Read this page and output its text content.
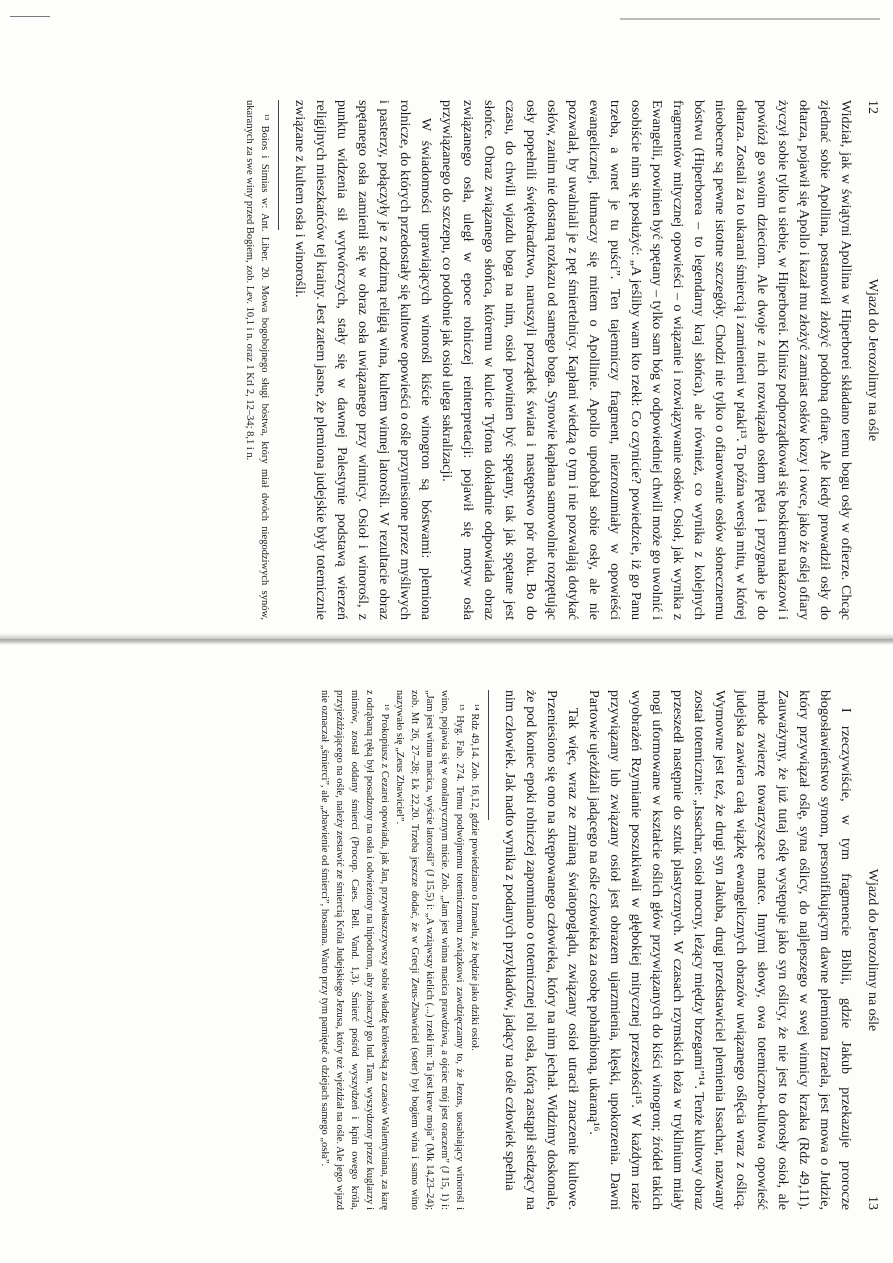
12
Wjazd do Jerozolimy na ośle

Widział, jak w świątyni Apollina w Hiperborei składano temu bogu osły w ofierze. Chcąc zjednać sobie Apollina, postanowił złożyć podobną ofiarę. Ale kiedy prowadził osły do ołtarza, pojawił się Apollo i kazał mu złożyć zamiast osłów kozy i owce, jako że oślej ofiary życzył sobie tylko u siebie, w Hiperborei. Klinisz podporządkował się boskiemu nakazowi i powiózł go swoim dzieciom. Ale dwoje z nich rozwiązało osłom pęta i przygnało je do ołtarza. Zostali za to ukarani śmiercią i zamienieni w ptaki¹³. To późna wersja mitu, w której nieobecne są pewne istotne szczegóły. Chodzi nie tylko o ofiarowanie osłów słonecznemu bóstwu (Hiperborea – to legendarny kraj słońca), ale również, co wynika z kolejnych fragmentów mitycznej opowieści – o wiązanie i rozwiązywanie osłów. Osioł, jak wynika z Ewangelii, powinien być spętany – tylko sam bóg w odpowiedniej chwili może go uwolnić i osobiście nim się posłużyć: „A jeśliby wam kto rzekł: Co czynicie? powiedzcie, iż go Panu trzeba, a wnet je tu puści”. Ten tajemniczy fragment, niezrozumiały w opowieści ewangelicznej, tłumaczy się mitem o Apollinie. Apollo upodobał sobie osły, ale nie pozwalał, by uwalniali je z pęt śmiertelnicy. Kapłani wiedzą o tym i nie pozwalają dotykać osłów, zanim nie dostaną rozkazu od samego boga. Synowie kapłana samowolnie rozpętując osły popełnili świętokradztwo, naruszyli porządek świata i następstwo pór roku. Bo do czasu, do chwili wjazdu boga na nim, osioł powinien być spętany, tak jak spętane jest słońce. Obraz związanego słońca, któremu w kulcie Tyfona dokładnie odpowiada obraz związanego osła, uległ w epoce rolniczej reinterpretacji: pojawił się motyw osła przywiązanego do szczepu, co podobnie jak osioł ulega sakralizacji.

W świadomości uprawiających winorośl kiście winogron są bóstwami: plemiona rolnicze, do których przedostały się kultowe opowieści o ośle przyniesione przez myśliwych i pasterzy, połączyły je z rodzimą religią wina, kultem winnej latorośli. W rezultacie obraz spętanego osła zamienił się w obraz osła uwiązanego przy winnicy. Osioł i winorośl, z punktu widzenia sił wytwórczych, stały się w dawnej Palestynie podstawą wierzeń religijnych mieszkańców tej krainy. Jest zatem jasne, że plemiona judejskie były totemicznie związane z kultem osła i winorośli.

¹³ Boios i Simias w: Ant. Liber. 20. Mowa bogobojnego sługi bóstwa, który miał dwóch niegodziwych synów, ukaranych za swe winy przed Bogiem, zob. Lev. 10,1 i n. oraz 1 Krl 2, 12–34; 8,1 i n.

Wjazd do Jerozolimy na ośle
13

I rzeczywiście, w tym fragmencie Biblii, gdzie Jakub przekazuje prorocze błogosławieństwo synom, personifikującym dawne plemiona Izraela, jest mowa o Judzie, który przywiązał oślę, syna oślicy, do najlepszego w swej winnicy krzaka (Rdz 49,11). Zauważymy, że już tutaj oślę występuje jako syn oślicy, że nie jest to dorosły osioł, ale młode zwierzę towarzyszące matce. Innymi słowy, owa totemiczno-kultowa opowieść judejska zawiera całą wiązkę ewangelicznych obrazów uwiązanego oślęcia wraz z oślicą. Wymowne jest też, że drugi syn Jakuba, drugi przedstawiciel plemienia Issachar, nazwany został totemicznie: „Issachar, osioł mocny, leżący między brzegami”¹⁴. Tenże kultowy obraz przeszedł następnie do sztuk plastycznych. W czasach rzymskich łoża w tryklinium miały nogi uformowane w kształcie oślich głów przywiązanych do kiści winogron; źródeł takich wyobrażeń Rzymianie poszukiwali w głębokiej mitycznej przeszłości¹⁵. W każdym razie przywiązany lub związany osioł jest obrazem ujarzmienia, klęski, upokorzenia. Dawni Partowie ujeżdżali jadącego na ośle człowieka za osobę pohańbioną, ukaraną¹⁶.

Tak więc, wraz ze zmianą światopoglądu, związany osioł utracił znaczenie kultowe. Przeniesiono się ono na skrępowanego człowieka, który na nim jechał. Widzimy doskonale, że pod koniec epoki rolniczej zapomniano o totemicznej roli osła, którą zastąpił siedzący na nim człowiek. Jak nadto wynika z podanych przykładów, jadący na ośle człowiek spełnia

¹⁴ Rdz 49,14. Zob. 16,12, gdzie powiedziano o Izmaelu, że będzie jako dziki osioł.

¹⁵ Hyg. Fab. 274. Temu podwójnemu totemicznemu związkowi zawdzięczamy to, że Jezus, uosabiający winorośl i wino, pojawia się w onolatrycznym micie. Zob. „Jam jest winna macica prawdziwa, a ojciec mój jest oraczem” (J 15, 1) i: „Jam jest winna macica, wyście latorośli” (J 15,5) i: „A wziąwszy kielich (...) rzekł im: Ta jest krew moja” (Mk 14,23–24); zob. Mt 26, 27–28; Łk 22,20. Trzeba jeszcze dodać, że w Grecji Zeus-Zbawiciel (soter) był bogiem wina i samo wino nazywało się „Zeus Zbawiciel”.

¹⁶ Prokopiusz z Cezarei opowiada, jak Jan, przywłaszczywszy sobie władzę królewską za czasów Walentyniana, za karę z odrąbaną ręką był posadzony na osła i odwieziony na hipodrom, aby zobaczył go lud. Tam, wyszydzony przez kuglarzy i mimów, został oddany śmierci (Procop. Caes. Bell. Vand. 1,3). Śmierć pośród wyszydzeń i kpin owego króla, przyjeżdżającego na ośle, należy zestawić ze śmiercią Króla Judejskiego Jezusa, który też wjeżdżał na ośle. Ale jego wjazd nie oznaczał „śmierci”, ale „zbawienie od śmierci”, hosanna. Warto przy tym pamiętać o dziejach samego „osła”.
